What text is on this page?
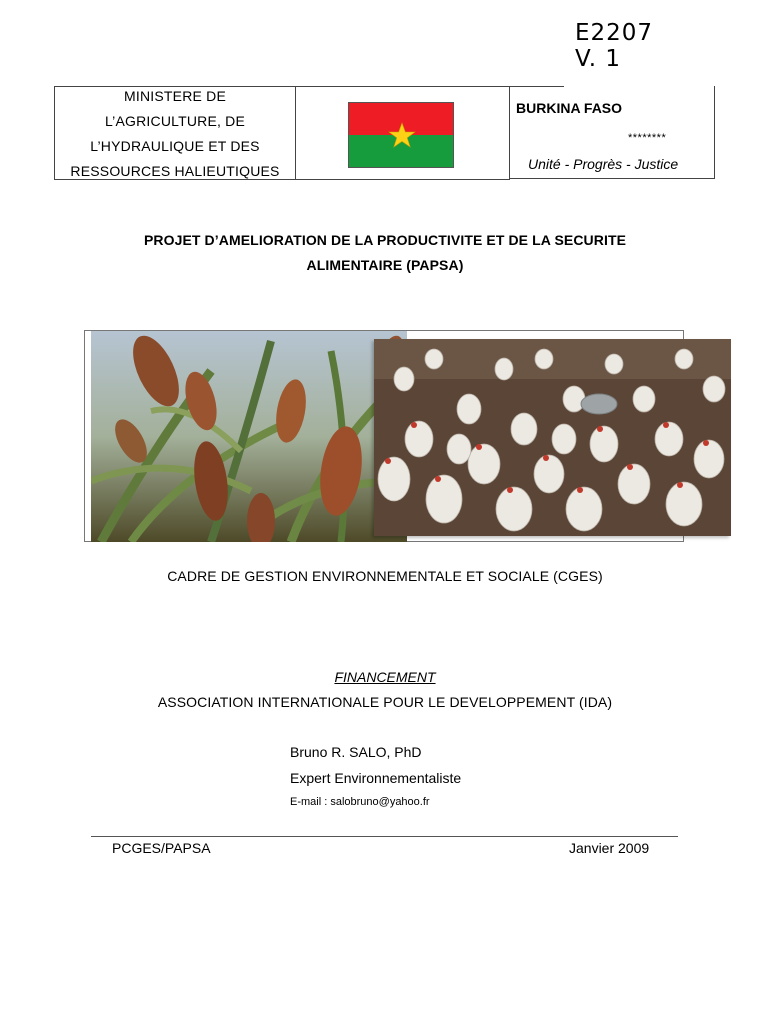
E2207
V. 1
MINISTERE DE
L’AGRICULTURE, DE
L’HYDRAULIQUE ET DES
RESSOURCES HALIEUTIQUES
BURKINA FASO
********
Unité - Progrès - Justice
PROJET D’AMELIORATION DE LA PRODUCTIVITE ET DE LA SECURITE
ALIMENTAIRE (PAPSA)
CADRE DE GESTION ENVIRONNEMENTALE ET SOCIALE (CGES)
FINANCEMENT
ASSOCIATION INTERNATIONALE POUR LE DEVELOPPEMENT (IDA)
Bruno R. SALO, PhD
Expert Environnementaliste
E-mail : salobruno@yahoo.fr
PCGES/PAPSA	Janvier 2009
